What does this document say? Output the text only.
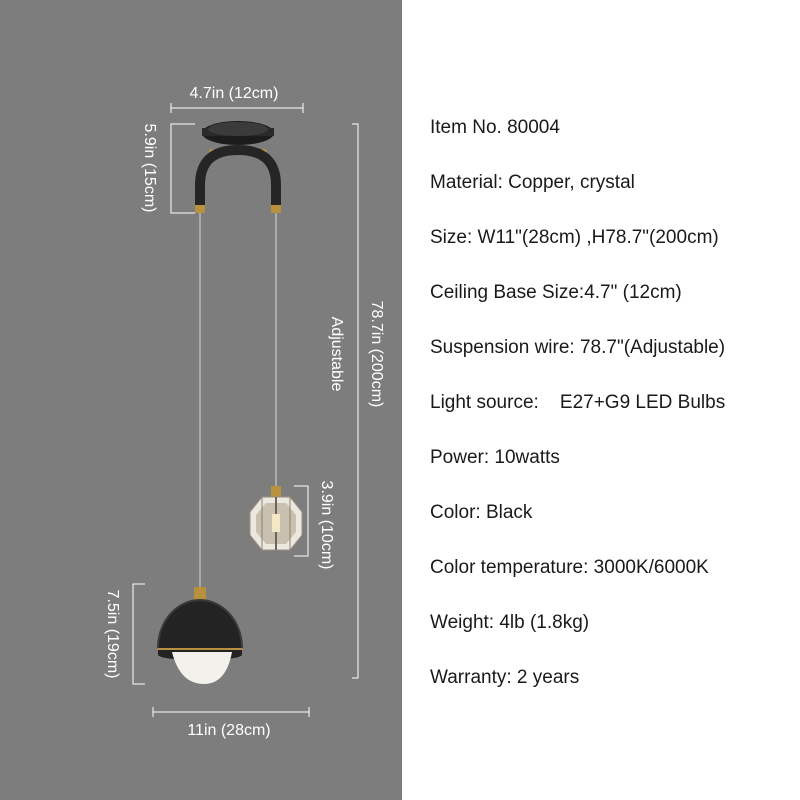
4.7in (12cm)
5.9in (15cm)
78.7in (200cm)
Adjustable
3.9in (10cm)
7.5in (19cm)
11in (28cm)

Item No. 80004

Material: Copper, crystal

Size: W11"(28cm) ,H78.7"(200cm)

Ceiling Base Size:4.7" (12cm)

Suspension wire: 78.7"(Adjustable)

Light source:    E27+G9 LED Bulbs

Power: 10watts

Color: Black

Color temperature: 3000K/6000K

Weight: 4lb (1.8kg)

Warranty: 2 years
